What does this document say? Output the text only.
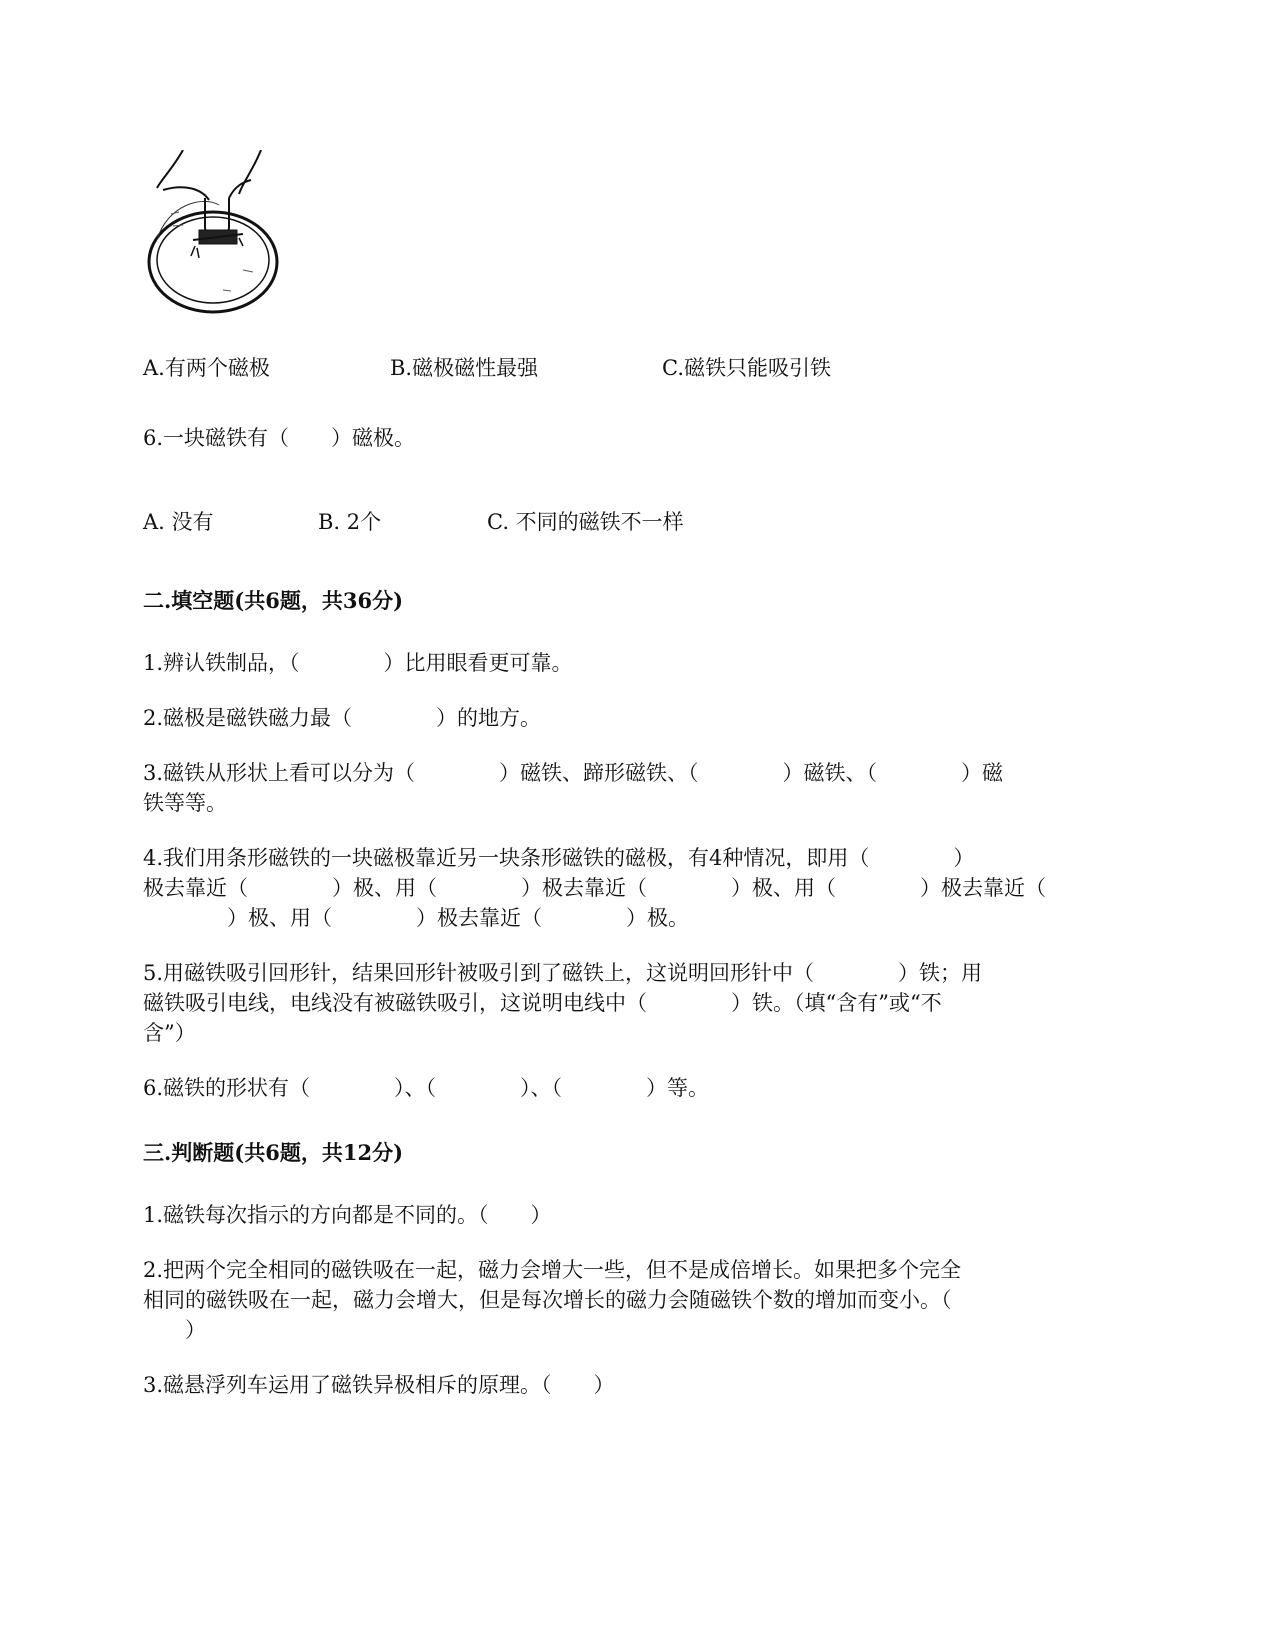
A.有两个磁极	B.磁极磁性最强	C.磁铁只能吸引铁
6.一块磁铁有（　　）磁极。
A. 没有	B. 2个	C. 不同的磁铁不一样
二.填空题(共6题，共36分)
1.辨认铁制品，（　　　　）比用眼看更可靠。
2.磁极是磁铁磁力最（　　　　）的地方。
3.磁铁从形状上看可以分为（　　　　）磁铁、蹄形磁铁、（　　　　）磁铁、（　　　　）磁
铁等等。
4.我们用条形磁铁的一块磁极靠近另一块条形磁铁的磁极，有4种情况，即用（　　　　）
极去靠近（　　　　）极、用（　　　　）极去靠近（　　　　）极、用（　　　　）极去靠近（
　　　　）极、用（　　　　）极去靠近（　　　　）极。
5.用磁铁吸引回形针，结果回形针被吸引到了磁铁上，这说明回形针中（　　　　）铁；用
磁铁吸引电线，电线没有被磁铁吸引，这说明电线中（　　　　）铁。（填“含有”或“不
含”）
6.磁铁的形状有（　　　　）、（　　　　）、（　　　　）等。
三.判断题(共6题，共12分)
1.磁铁每次指示的方向都是不同的。（　　）
2.把两个完全相同的磁铁吸在一起，磁力会增大一些，但不是成倍增长。如果把多个完全
相同的磁铁吸在一起，磁力会增大，但是每次增长的磁力会随磁铁个数的增加而变小。（
　　）
3.磁悬浮列车运用了磁铁异极相斥的原理。（　　）
